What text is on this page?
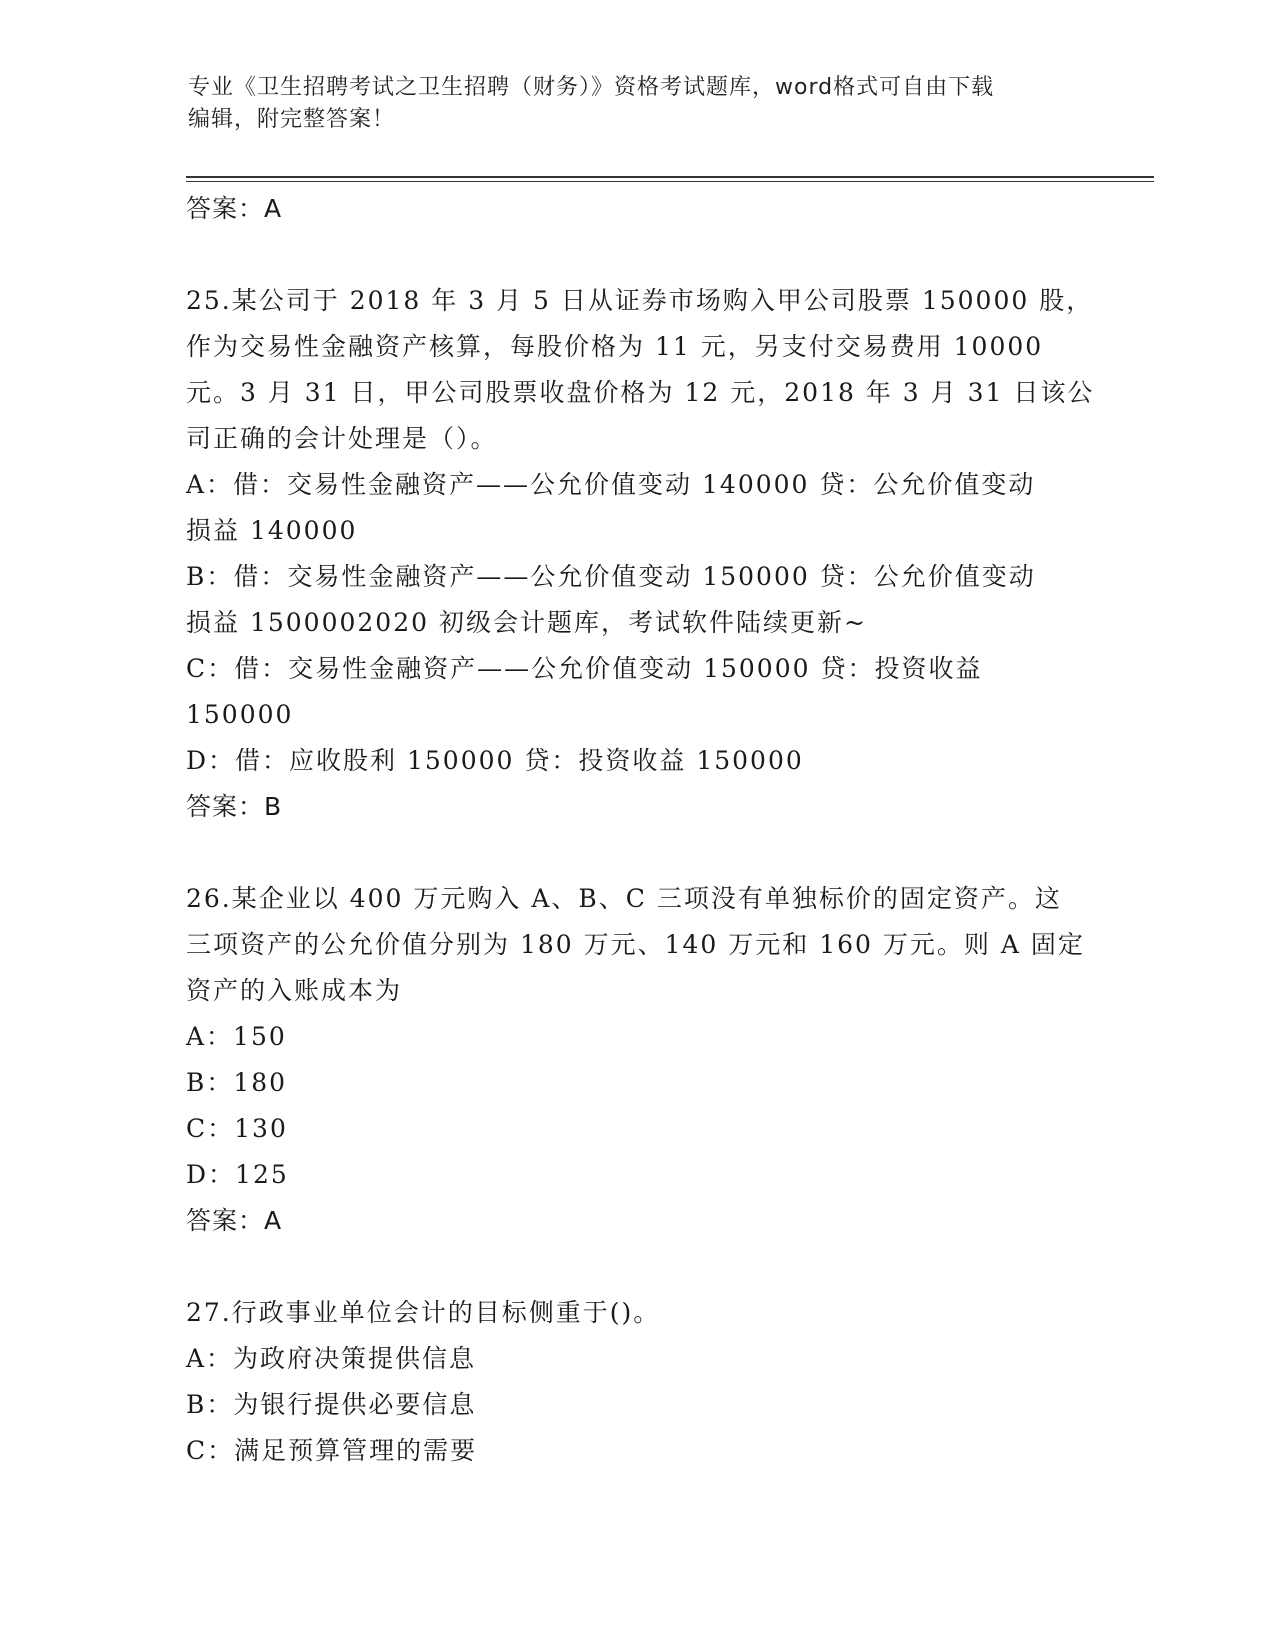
专业《卫生招聘考试之卫生招聘（财务）》资格考试题库，word格式可自由下载

编辑，附完整答案！

答案：A

25.某公司于 2018 年 3 月 5 日从证券市场购入甲公司股票 150000 股，

作为交易性金融资产核算，每股价格为 11 元，另支付交易费用 10000

元。3 月 31 日，甲公司股票收盘价格为 12 元，2018 年 3 月 31 日该公

司正确的会计处理是（）。

A：借：交易性金融资产——公允价值变动 140000 贷：公允价值变动

损益 140000

B：借：交易性金融资产——公允价值变动 150000 贷：公允价值变动

损益 1500002020 初级会计题库，考试软件陆续更新~

C：借：交易性金融资产——公允价值变动 150000 贷：投资收益

150000

D：借：应收股利 150000 贷：投资收益 150000

答案：B

26.某企业以 400 万元购入 A、B、C 三项没有单独标价的固定资产。这

三项资产的公允价值分别为 180 万元、140 万元和 160 万元。则 A 固定

资产的入账成本为

A：150

B：180

C：130

D：125

答案：A

27.行政事业单位会计的目标侧重于()。

A：为政府决策提供信息

B：为银行提供必要信息

C：满足预算管理的需要
